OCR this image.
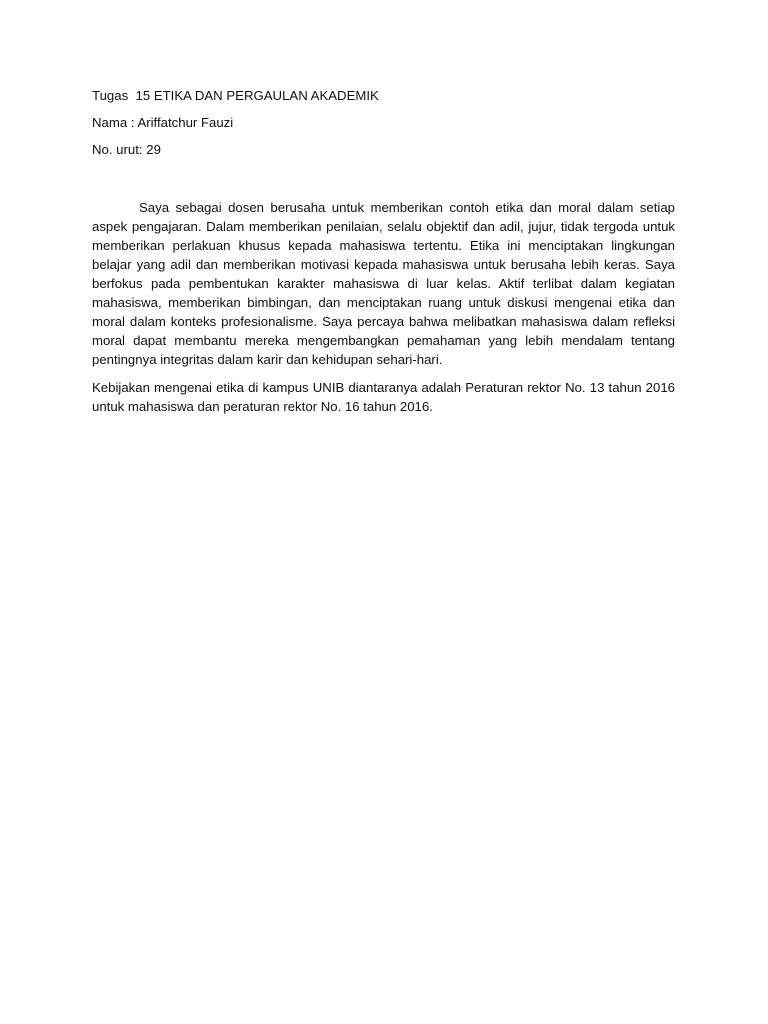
Tugas  15 ETIKA DAN PERGAULAN AKADEMIK

Nama : Ariffatchur Fauzi

No. urut: 29

Saya sebagai dosen berusaha untuk memberikan contoh etika dan moral dalam setiap aspek pengajaran. Dalam memberikan penilaian, selalu objektif dan adil, jujur, tidak tergoda untuk memberikan perlakuan khusus kepada mahasiswa tertentu. Etika ini menciptakan lingkungan belajar yang adil dan memberikan motivasi kepada mahasiswa untuk berusaha lebih keras. Saya berfokus pada pembentukan karakter mahasiswa di luar kelas. Aktif terlibat dalam kegiatan mahasiswa, memberikan bimbingan, dan menciptakan ruang untuk diskusi mengenai etika dan moral dalam konteks profesionalisme. Saya percaya bahwa melibatkan mahasiswa dalam refleksi moral dapat membantu mereka mengembangkan pemahaman yang lebih mendalam tentang pentingnya integritas dalam karir dan kehidupan sehari-hari.

Kebijakan mengenai etika di kampus UNIB diantaranya adalah Peraturan rektor No. 13 tahun 2016 untuk mahasiswa dan peraturan rektor No. 16 tahun 2016.
